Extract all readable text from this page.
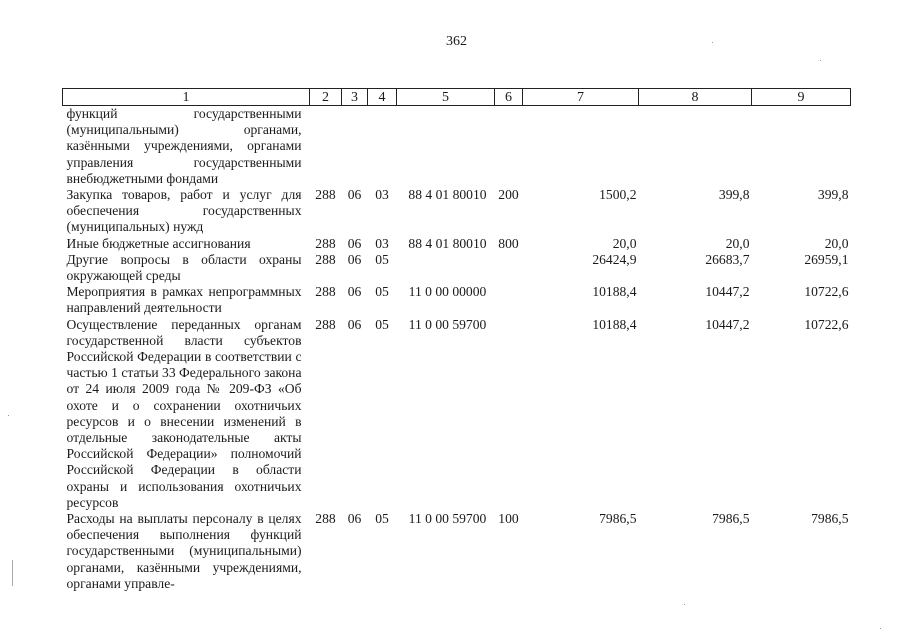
362
1	2	3	4	5	6	7	8	9
функций государственными (муниципальными) органами, казёнными учреждениями, органами управления государственными внебюджетными фондами								
Закупка товаров, работ и услуг для обеспечения государственных (муниципальных) нужд	288	06	03	88 4 01 80010	200	1500,2	399,8	399,8
Иные бюджетные ассигнования	288	06	03	88 4 01 80010	800	20,0	20,0	20,0
Другие вопросы в области охраны окружающей среды	288	06	05			26424,9	26683,7	26959,1
Мероприятия в рамках непрограммных направлений деятельности	288	06	05	11 0 00 00000		10188,4	10447,2	10722,6
Осуществление переданных органам государственной власти субъектов Российской Федерации в соответствии с частью 1 статьи 33 Федерального закона от 24 июля 2009 года № 209-ФЗ «Об охоте и о сохранении охотничьих ресурсов и о внесении изменений в отдельные законодательные акты Российской Федерации» полномочий Российской Федерации в области охраны и использования охотничьих ресурсов	288	06	05	11 0 00 59700		10188,4	10447,2	10722,6
Расходы на выплаты персоналу в целях обеспечения выполнения функций государственными (муниципальными) органами, казёнными учреждениями, органами управле-	288	06	05	11 0 00 59700	100	7986,5	7986,5	7986,5
